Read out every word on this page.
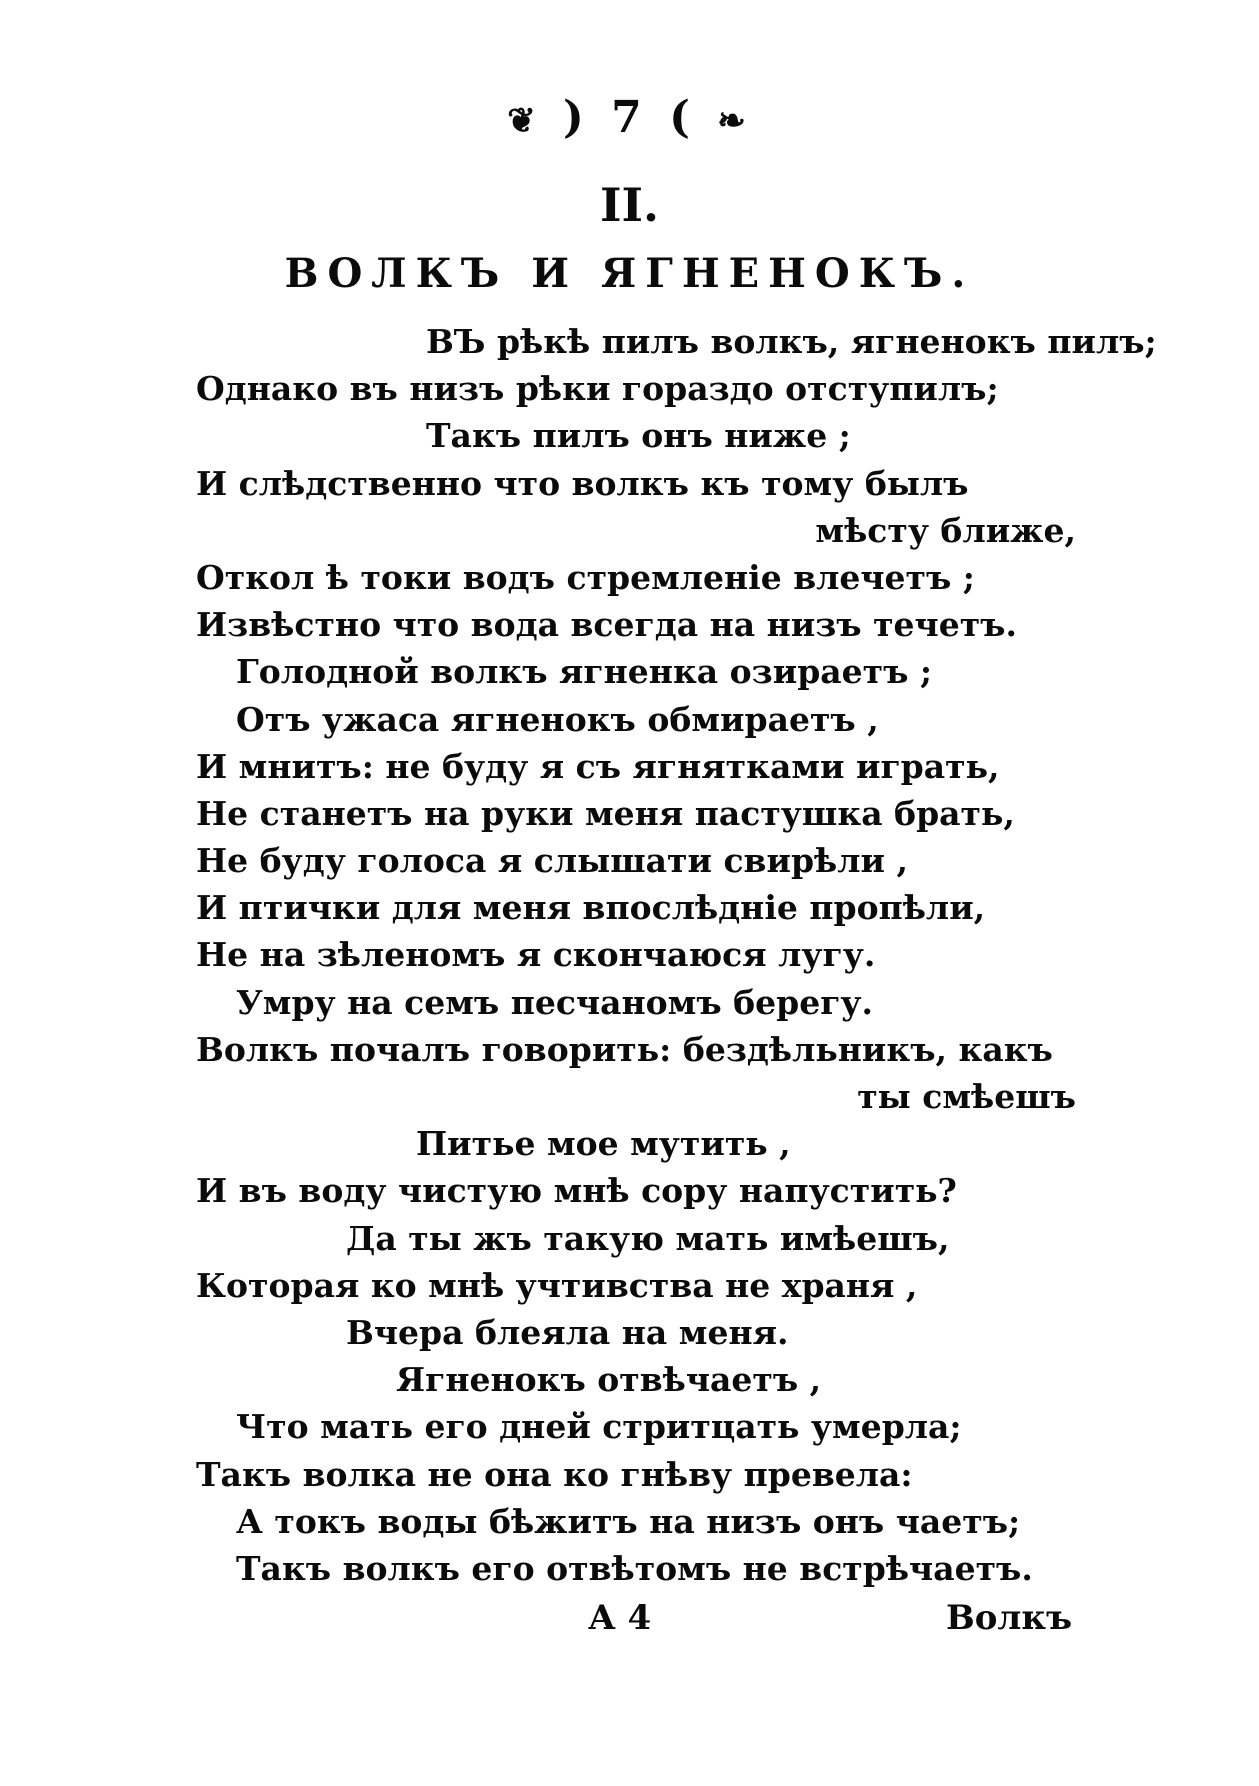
❦ ) 7 ( ❧
II.
ВОЛКЪ И ЯГНЕНОКЪ.
ВЪ рѣкѣ пилъ волкъ, ягненокъ пилъ;
Однако въ низъ рѣки гораздо отступилъ;
Такъ пилъ онъ ниже ;
И слѣдственно что волкъ къ тому былъ
мѣсту ближе,
Откол ѣ токи водъ стремленіе влечетъ ;
Извѣстно что вода всегда на низъ течетъ.
Голодной волкъ ягненка озираетъ ;
Отъ ужаса ягненокъ обмираетъ ,
И мнитъ: не буду я съ ягнятками играть,
Не станетъ на руки меня пастушка брать,
Не буду голоса я слышати свирѣли ,
И птички для меня впослѣдніе пропѣли,
Не на зѣленомъ я скончаюся лугу.
Умру на семъ песчаномъ берегу.
Волкъ почалъ говорить: бездѣльникъ, какъ
ты смѣешъ
Питье мое мутить ,
И въ воду чистую мнѣ сору напустить?
Да ты жъ такую мать имѣешъ,
Которая ко мнѣ учтивства не храня ,
Вчера блеяла на меня.
Ягненокъ отвѣчаетъ ,
Что мать его дней стритцать умерла;
Такъ волка не она ко гнѣву превела:
А токъ воды бѣжитъ на низъ онъ чаетъ;
Такъ волкъ его отвѣтомъ не встрѣчаетъ.
А 4	Волкъ
